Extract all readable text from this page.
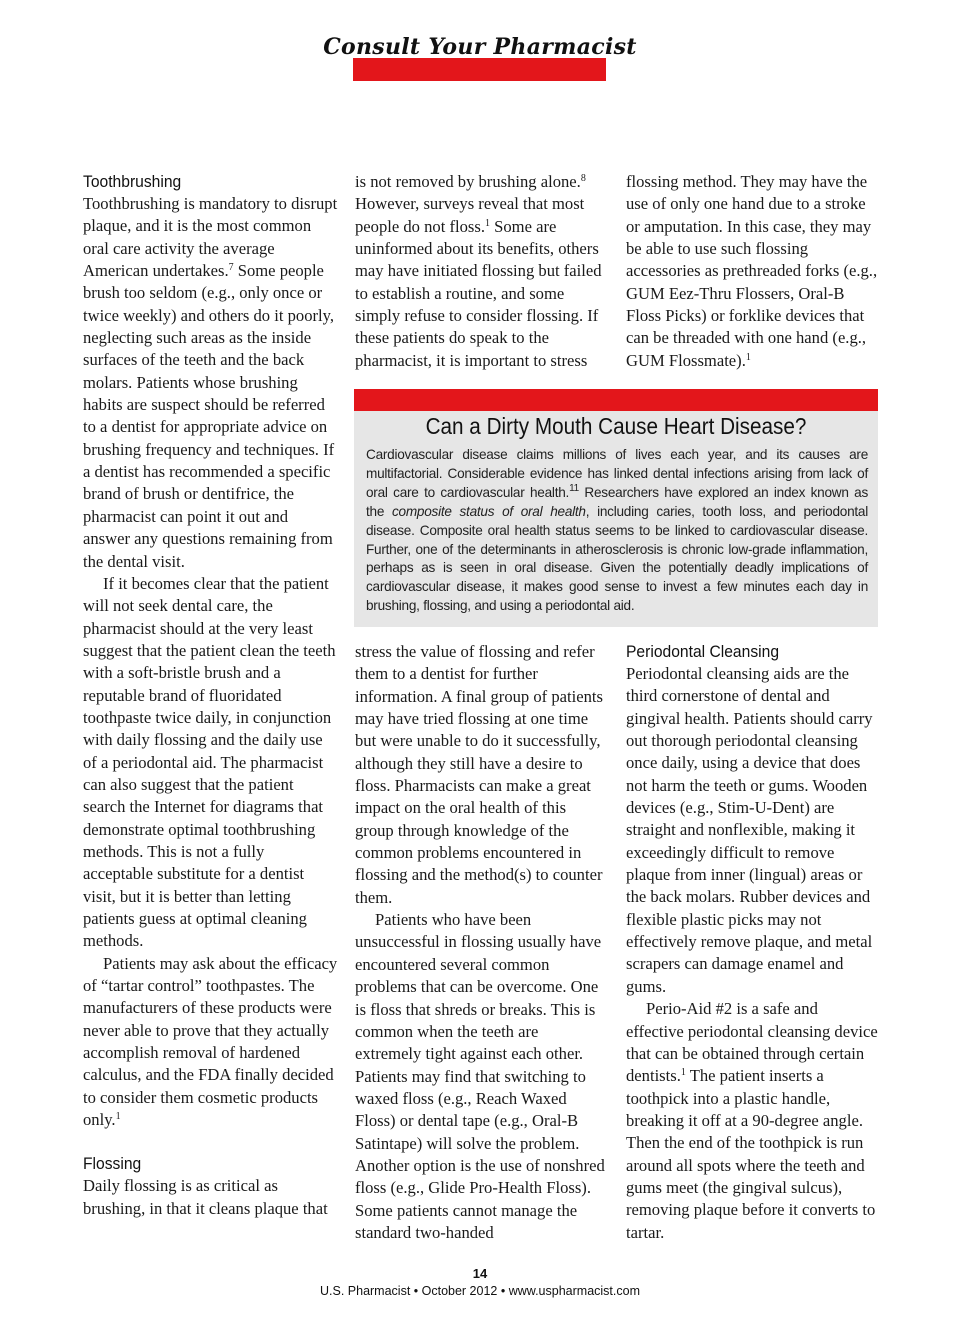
Consult Your Pharmacist
Toothbrushing

Toothbrushing is mandatory to disrupt plaque, and it is the most common oral care activity the average American undertakes.$^7$ Some people brush too seldom (e.g., only once or twice weekly) and others do it poorly, neglecting such areas as the inside surfaces of the teeth and the back molars. Patients whose brushing habits are suspect should be referred to a dentist for appropriate advice on brushing frequency and techniques. If a dentist has recommended a specific brand of brush or dentifrice, the pharmacist can point it out and answer any questions remaining from the dental visit.

If it becomes clear that the patient will not seek dental care, the pharmacist should at the very least suggest that the patient clean the teeth with a soft-bristle brush and a reputable brand of fluoridated toothpaste twice daily, in conjunction with daily flossing and the daily use of a periodontal aid. The pharmacist can also suggest that the patient search the Internet for diagrams that demonstrate optimal toothbrushing methods. This is not a fully acceptable substitute for a dentist visit, but it is better than letting patients guess at optimal cleaning methods.

Patients may ask about the efficacy of “tartar control” toothpastes. The manufacturers of these products were never able to prove that they actually accomplish removal of hardened calculus, and the FDA finally decided to consider them cosmetic products only.$^1$

Flossing

Daily flossing is as critical as brushing, in that it cleans plaque that

is not removed by brushing alone.$^8$ However, surveys reveal that most people do not floss.$^1$ Some are uninformed about its benefits, others may have initiated flossing but failed to establish a routine, and some simply refuse to consider flossing. If these patients do speak to the pharmacist, it is important to stress

flossing method. They may have the use of only one hand due to a stroke or amputation. In this case, they may be able to use such flossing accessories as prethreaded forks (e.g., GUM Eez-Thru Flossers, Oral-B Floss Picks) or forklike devices that can be threaded with one hand (e.g., GUM Flossmate).$^1$

Can a Dirty Mouth Cause Heart Disease?

Cardiovascular disease claims millions of lives each year, and its causes are multifactorial. Considerable evidence has linked dental infections arising from lack of oral care to cardiovascular health.$^{11}$ Researchers have explored an index known as the composite status of oral health, including caries, tooth loss, and periodontal disease. Composite oral health status seems to be linked to cardiovascular disease. Further, one of the determinants in atherosclerosis is chronic low-grade inflammation, perhaps as is seen in oral disease. Given the potentially deadly implications of cardiovascular disease, it makes good sense to invest a few minutes each day in brushing, flossing, and using a periodontal aid.

stress the value of flossing and refer them to a dentist for further information. A final group of patients may have tried flossing at one time but were unable to do it successfully, although they still have a desire to floss. Pharmacists can make a great impact on the oral health of this group through knowledge of the common problems encountered in flossing and the method(s) to counter them.

Patients who have been unsuccessful in flossing usually have encountered several common problems that can be overcome. One is floss that shreds or breaks. This is common when the teeth are extremely tight against each other. Patients may find that switching to waxed floss (e.g., Reach Waxed Floss) or dental tape (e.g., Oral-B Satintape) will solve the problem. Another option is the use of nonshred floss (e.g., Glide Pro-Health Floss). Some patients cannot manage the standard two-handed

Periodontal Cleansing

Periodontal cleansing aids are the third cornerstone of dental and gingival health. Patients should carry out thorough periodontal cleansing once daily, using a device that does not harm the teeth or gums. Wooden devices (e.g., Stim-U-Dent) are straight and nonflexible, making it exceedingly difficult to remove plaque from inner (lingual) areas or the back molars. Rubber devices and flexible plastic picks may not effectively remove plaque, and metal scrapers can damage enamel and gums.

Perio-Aid #2 is a safe and effective periodontal cleansing device that can be obtained through certain dentists.$^1$ The patient inserts a toothpick into a plastic handle, breaking it off at a 90-degree angle. Then the end of the toothpick is run around all spots where the teeth and gums meet (the gingival sulcus), removing plaque before it converts to tartar.

14
U.S. Pharmacist • October 2012 • www.uspharmacist.com
